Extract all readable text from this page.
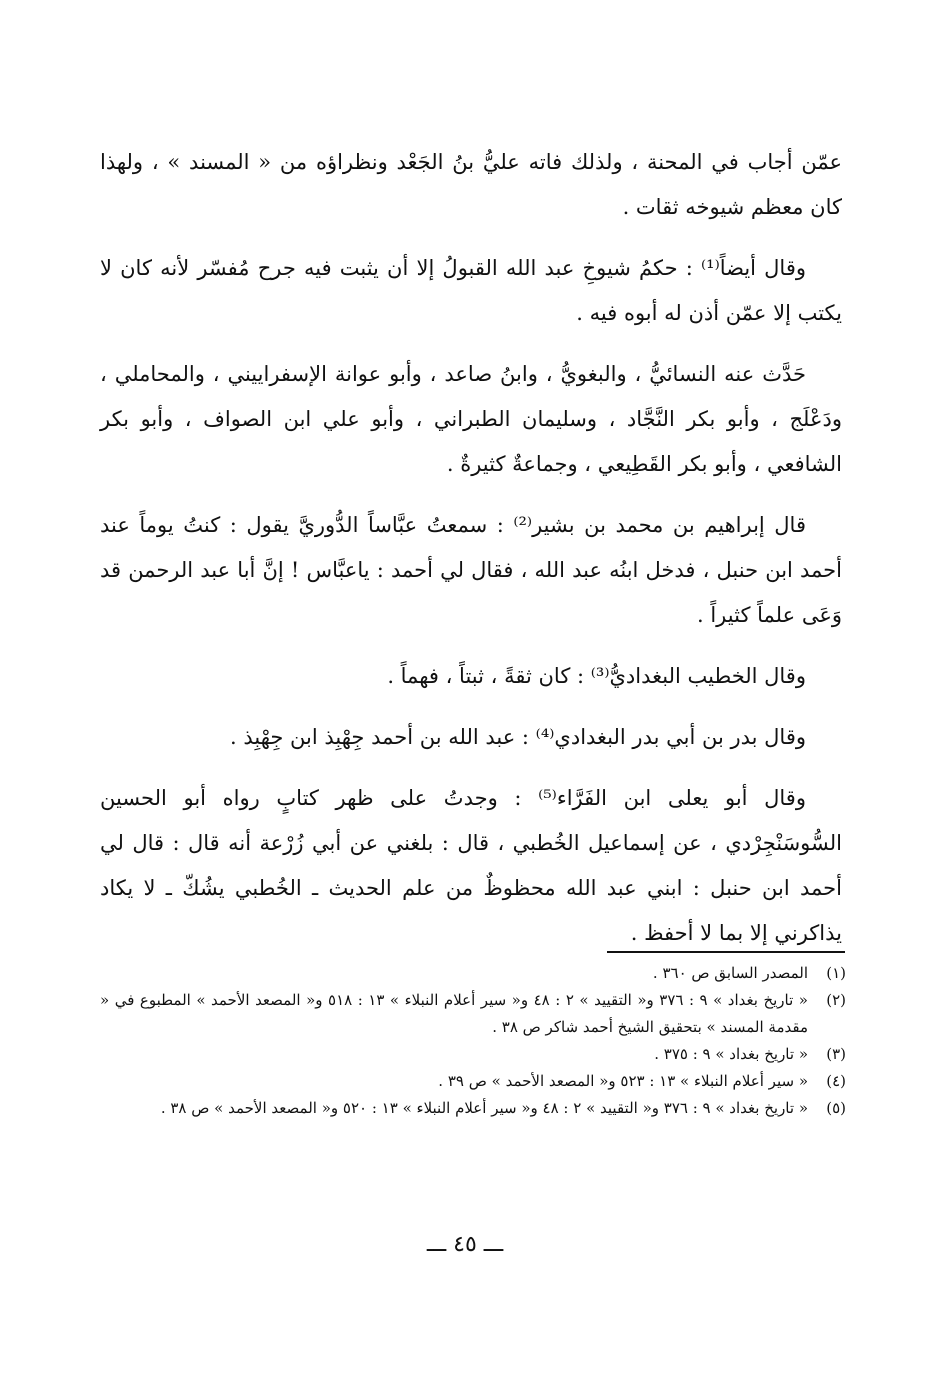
عمّن أجاب في المحنة ، ولذلك فاته عليُّ بنُ الجَعْد ونظراؤه من « المسند » ، ولهذا كان معظم شيوخه ثقات .

وقال أيضاً⁽¹⁾ : حكمُ شيوخِ عبد الله القبولُ إلا أن يثبت فيه جرح مُفسّر لأنه كان لا يكتب إلا عمّن أذن له أبوه فيه .

حَدَّث عنه النسائيُّ ، والبغويُّ ، وابنُ صاعد ، وأبو عوانة الإسفراييني ، والمحاملي ، ودَعْلَج ، وأبو بكر النَّجَّاد ، وسليمان الطبراني ، وأبو علي ابن الصواف ، وأبو بكر الشافعي ، وأبو بكر القَطِيعي ، وجماعةٌ كثيرةٌ .

قال إبراهيم بن محمد بن بشير⁽²⁾ : سمعتُ عبَّاساً الدُّوريَّ يقول : كنتُ يوماً عند أحمد ابن حنبل ، فدخل ابنُه عبد الله ، فقال لي أحمد : ياعبَّاس ! إنَّ أبا عبد الرحمن قد وَعَى علماً كثيراً .

وقال الخطيب البغداديُّ⁽³⁾ : كان ثقةً ، ثبتاً ، فهماً .

وقال بدر بن أبي بدر البغدادي⁽⁴⁾ : عبد الله بن أحمد جِهْبِذ ابن جِهْبِذ .

وقال أبو يعلى ابن الفَرَّاء⁽⁵⁾ : وجدتُ على ظهر كتابٍ رواه أبو الحسين السُّوسَنْجِرْدي ، عن إسماعيل الخُطبي ، قال : بلغني عن أبي زُرْعة أنه قال : قال لي أحمد ابن حنبل : ابني عبد الله محظوظٌ من علم الحديث ـ الخُطبي يشُكّ ـ لا يكاد يذاكرني إلا بما لا أحفظ .

(١)
المصدر السابق ص ٣٦٠ .
(٢)
« تاريخ بغداد » ٩ : ٣٧٦ و« التقييد » ٢ : ٤٨ و« سير أعلام النبلاء » ١٣ : ٥١٨ و« المصعد الأحمد » المطبوع في « مقدمة المسند » بتحقيق الشيخ أحمد شاكر ص ٣٨ .
(٣)
« تاريخ بغداد » ٩ : ٣٧٥ .
(٤)
« سير أعلام النبلاء » ١٣ : ٥٢٣ و« المصعد الأحمد » ص ٣٩ .
(٥)
« تاريخ بغداد » ٩ : ٣٧٦ و« التقييد » ٢ : ٤٨ و« سير أعلام النبلاء » ١٣ : ٥٢٠ و« المصعد الأحمد » ص ٣٨ .
ـــ ٤٥ ـــ
